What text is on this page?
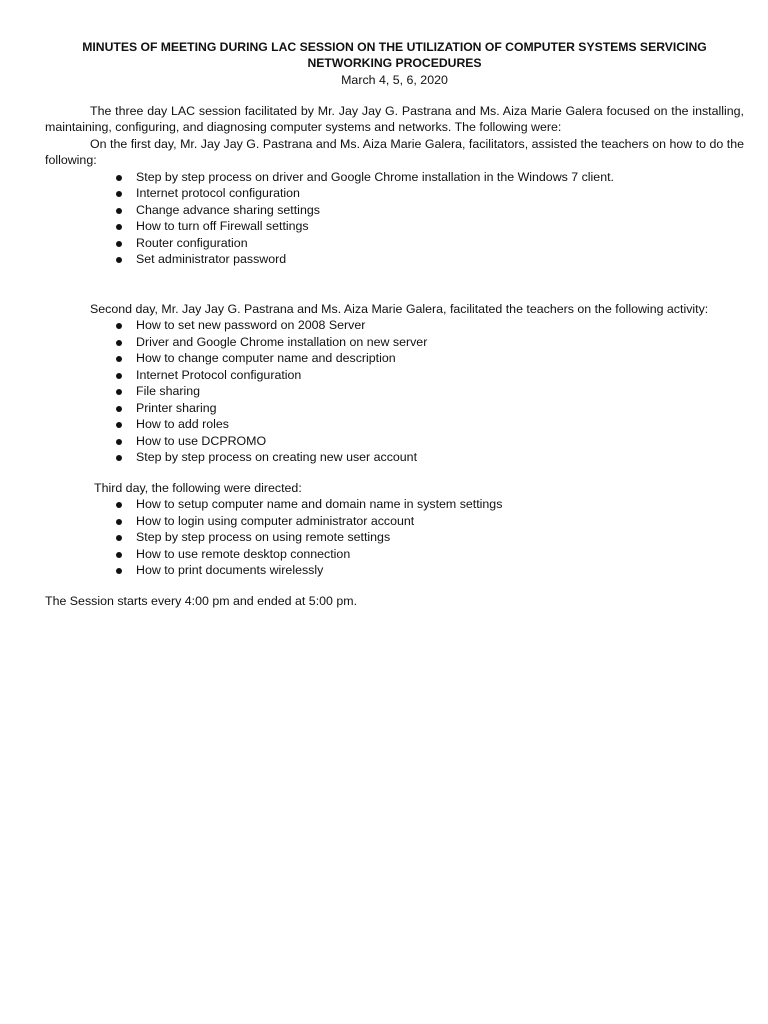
MINUTES OF MEETING DURING LAC SESSION ON THE UTILIZATION OF COMPUTER SYSTEMS SERVICING
NETWORKING PROCEDURES
March 4, 5, 6, 2020

The three day LAC session facilitated by Mr. Jay Jay G. Pastrana and Ms. Aiza Marie Galera focused on the installing, maintaining, configuring, and diagnosing computer systems and networks. The following were:

On the first day, Mr. Jay Jay G. Pastrana and Ms. Aiza Marie Galera, facilitators, assisted the teachers on how to do the following:

Step by step process on driver and Google Chrome installation in the Windows 7 client.
Internet protocol configuration
Change advance sharing settings
How to turn off Firewall settings
Router configuration
Set administrator password

Second day, Mr. Jay Jay G. Pastrana and Ms. Aiza Marie Galera, facilitated the teachers on the following activity:

How to set new password on 2008 Server
Driver and Google Chrome installation on new server
How to change computer name and description
Internet Protocol configuration
File sharing
Printer sharing
How to add roles
How to use DCPROMO
Step by step process on creating new user account

Third day, the following were directed:

How to setup computer name and domain name in system settings
How to login using computer administrator account
Step by step process on using remote settings
How to use remote desktop connection
How to print documents wirelessly

The Session starts every 4:00 pm and ended at 5:00 pm.
